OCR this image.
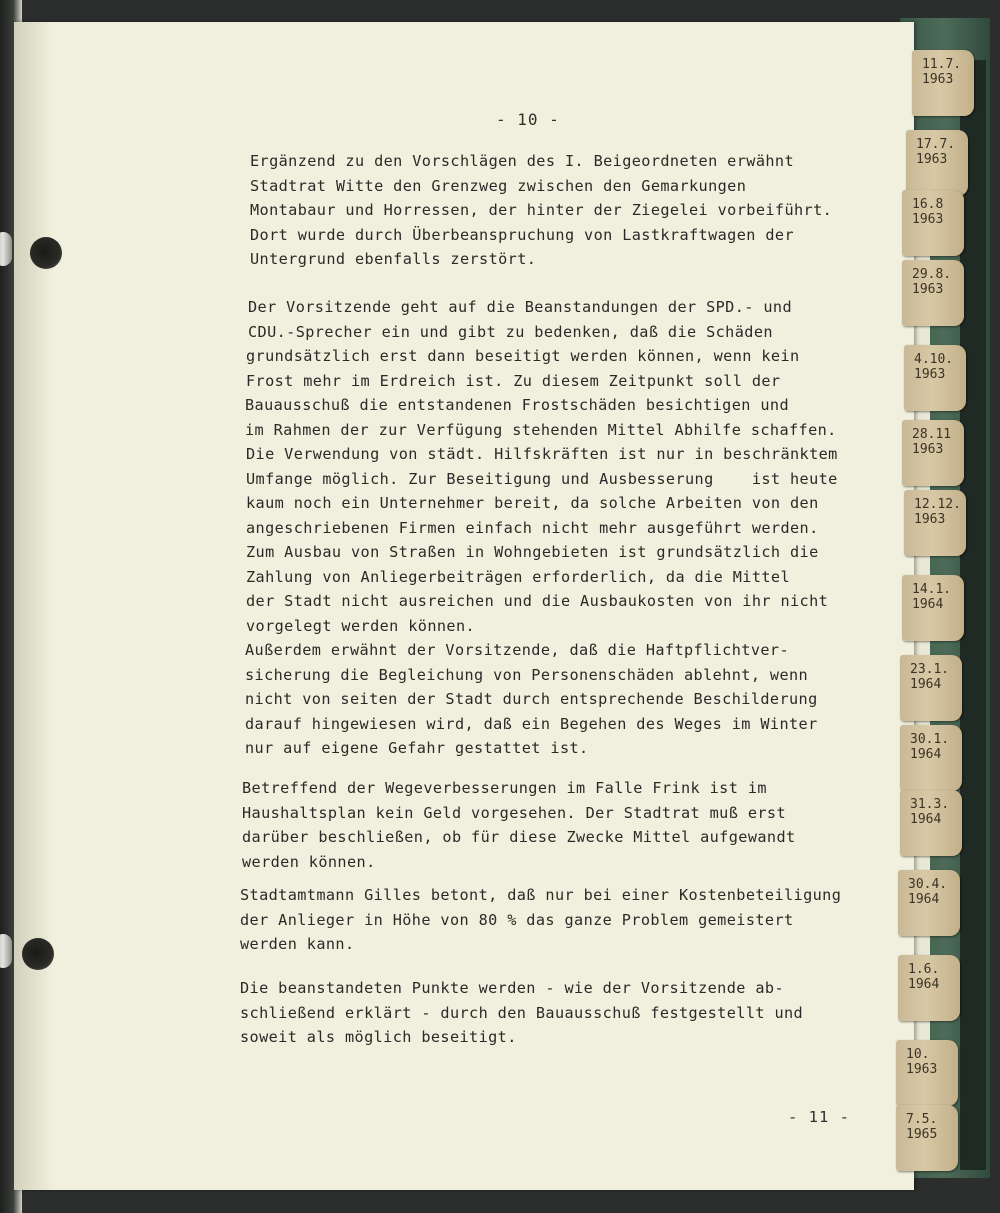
- 10 -
Ergänzend zu den Vorschlägen des I. Beigeordneten erwähnt
Stadtrat Witte den Grenzweg zwischen den Gemarkungen
Montabaur und Horressen, der hinter der Ziegelei vorbeiführt.
Dort wurde durch Überbeanspruchung von Lastkraftwagen der
Untergrund ebenfalls zerstört.
Der Vorsitzende geht auf die Beanstandungen der SPD.- und
CDU.-Sprecher ein und gibt zu bedenken, daß die Schäden
grundsätzlich erst dann beseitigt werden können, wenn kein
Frost mehr im Erdreich ist. Zu diesem Zeitpunkt soll der
Bauausschuß die entstandenen Frostschäden besichtigen und
im Rahmen der zur Verfügung stehenden Mittel Abhilfe schaffen.
Die Verwendung von städt. Hilfskräften ist nur in beschränktem
Umfange möglich. Zur Beseitigung und Ausbesserung    ist heute
kaum noch ein Unternehmer bereit, da solche Arbeiten von den
angeschriebenen Firmen einfach nicht mehr ausgeführt werden.
Zum Ausbau von Straßen in Wohngebieten ist grundsätzlich die
Zahlung von Anliegerbeiträgen erforderlich, da die Mittel
der Stadt nicht ausreichen und die Ausbaukosten von ihr nicht
vorgelegt werden können.
Außerdem erwähnt der Vorsitzende, daß die Haftpflichtver-
sicherung die Begleichung von Personenschäden ablehnt, wenn
nicht von seiten der Stadt durch entsprechende Beschilderung
darauf hingewiesen wird, daß ein Begehen des Weges im Winter
nur auf eigene Gefahr gestattet ist.
Betreffend der Wegeverbesserungen im Falle Frink ist im
Haushaltsplan kein Geld vorgesehen. Der Stadtrat muß erst
darüber beschließen, ob für diese Zwecke Mittel aufgewandt
werden können.
Stadtamtmann Gilles betont, daß nur bei einer Kostenbeteiligung
der Anlieger in Höhe von 80 % das ganze Problem gemeistert
werden kann.
Die beanstandeten Punkte werden - wie der Vorsitzende ab-
schließend erklärt - durch den Bauausschuß festgestellt und
soweit als möglich beseitigt.
- 11 -
11.7.
1963
17.7.
1963
16.8
1963
29.8.
1963
4.10.
1963
28.11
1963
12.12.
1963
14.1.
1964
23.1.
1964
30.1.
1964
31.3.
1964
30.4.
1964
1.6.
1964
10.
1963
7.5.
1965
